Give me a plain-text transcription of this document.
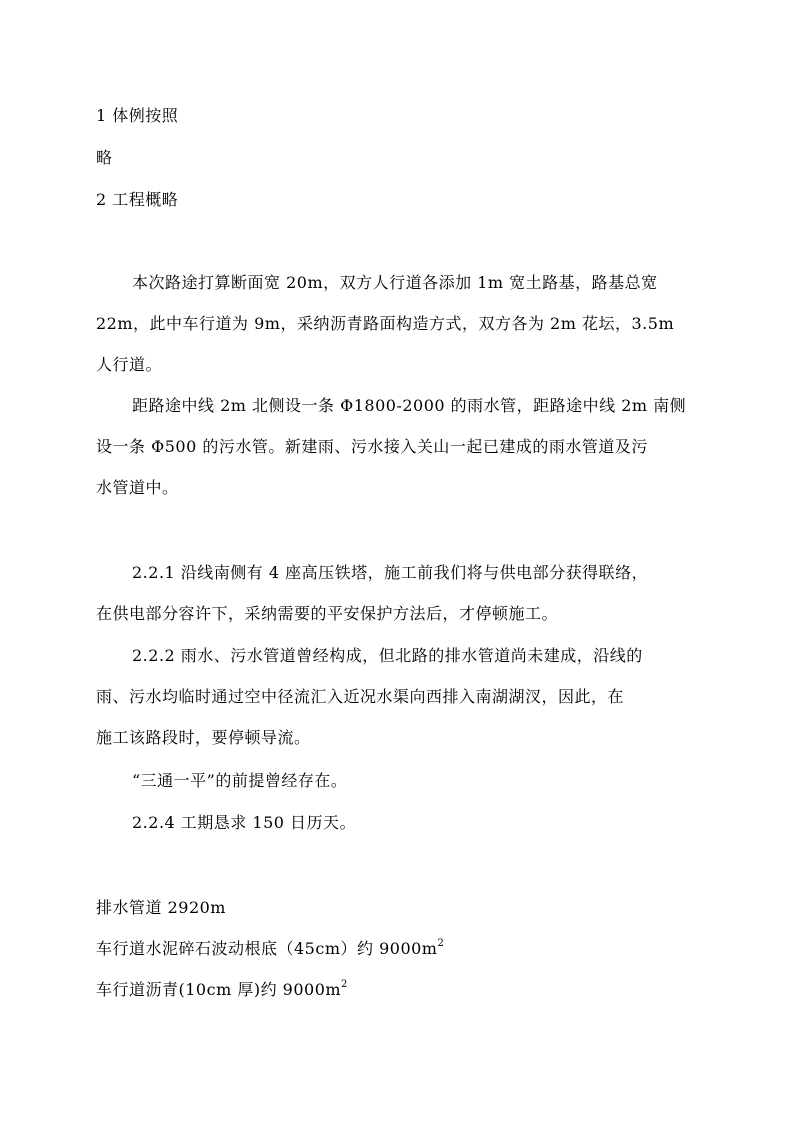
1 体例按照
略
2 工程概略
本次路途打算断面宽 20m，双方人行道各添加 1m 宽土路基，路基总宽
22m，此中车行道为 9m，采纳沥青路面构造方式，双方各为 2m 花坛，3.5m
人行道。
距路途中线 2m 北侧设一条 Φ1800-2000 的雨水管，距路途中线 2m 南侧
设一条 Φ500 的污水管。新建雨、污水接入关山一起已建成的雨水管道及污
水管道中。
2.2.1 沿线南侧有 4 座高压铁塔，施工前我们将与供电部分获得联络，
在供电部分容许下，采纳需要的平安保护方法后，才停顿施工。
2.2.2 雨水、污水管道曾经构成，但北路的排水管道尚未建成，沿线的
雨、污水均临时通过空中径流汇入近况水渠向西排入南湖湖汊，因此，在
施工该路段时，要停顿导流。
“三通一平”的前提曾经存在。
2.2.4 工期恳求 150 日历天。
排水管道 2920m
车行道水泥碎石波动根底（45cm）约 $9000m^2$
车行道沥青(10cm 厚)约 $9000m^2$
